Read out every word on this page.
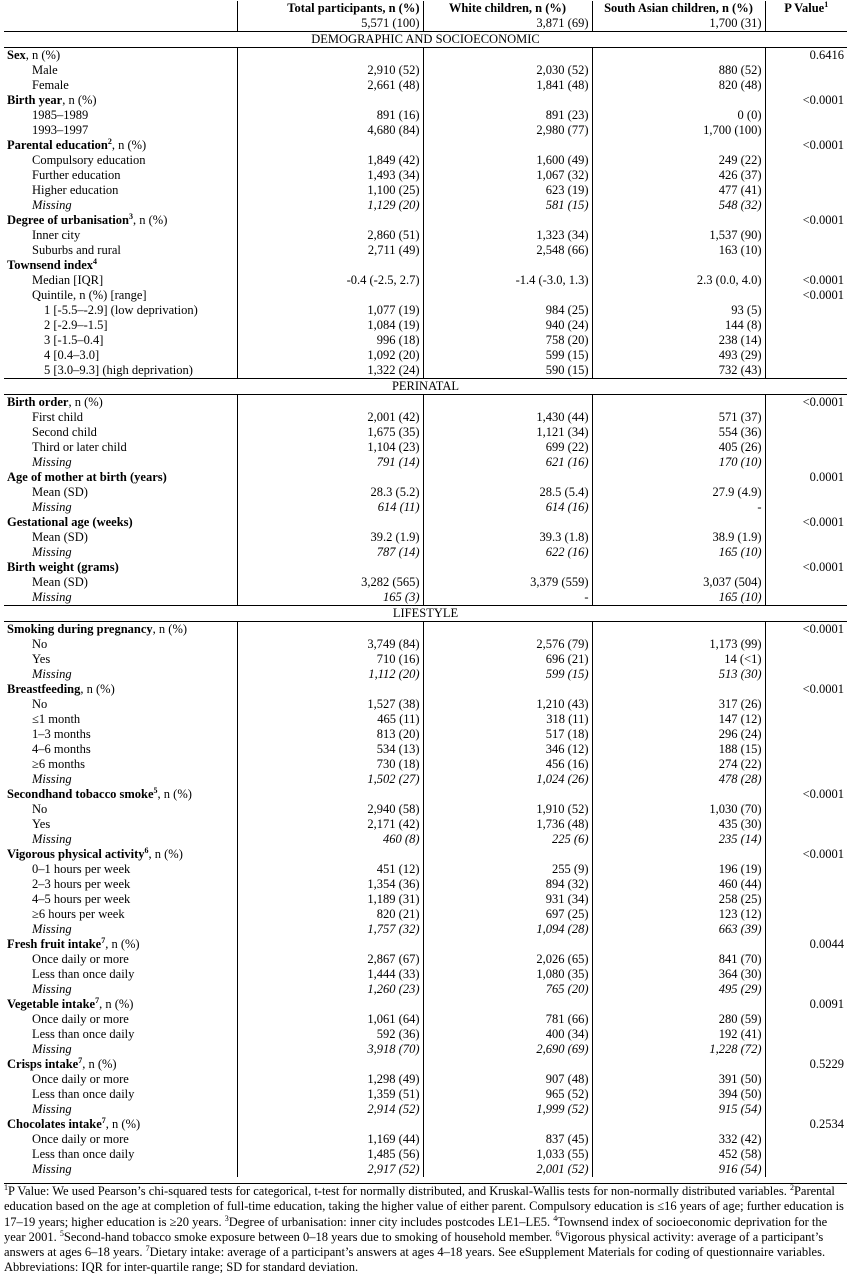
	Total participants, n (%)	White children, n (%)	South Asian children, n (%)	P Value$^1$
	5,571 (100)	3,871 (69)	1,700 (31)	
DEMOGRAPHIC AND SOCIOECONOMIC				
Sex, n (%)				0.6416
Male	2,910 (52)	2,030 (52)	880 (52)	
Female	2,661 (48)	1,841 (48)	820 (48)	
Birth year, n (%)				<0.0001
1985–1989	891 (16)	891 (23)	0 (0)	
1993–1997	4,680 (84)	2,980 (77)	1,700 (100)	
Parental education$^2$, n (%)				<0.0001
Compulsory education	1,849 (42)	1,600 (49)	249 (22)	
Further education	1,493 (34)	1,067 (32)	426 (37)	
Higher education	1,100 (25)	623 (19)	477 (41)	
Missing	1,129 (20)	581 (15)	548 (32)	
Degree of urbanisation$^3$, n (%)				<0.0001
Inner city	2,860 (51)	1,323 (34)	1,537 (90)	
Suburbs and rural	2,711 (49)	2,548 (66)	163 (10)	
Townsend index$^4$				
Median [IQR]	-0.4 (-2.5, 2.7)	-1.4 (-3.0, 1.3)	2.3 (0.0, 4.0)	<0.0001
Quintile, n (%) [range]				<0.0001
1 [-5.5–-2.9] (low deprivation)	1,077 (19)	984 (25)	93 (5)	
2 [-2.9–-1.5]	1,084 (19)	940 (24)	144 (8)	
3 [-1.5–0.4]	996 (18)	758 (20)	238 (14)	
4 [0.4–3.0]	1,092 (20)	599 (15)	493 (29)	
5 [3.0–9.3] (high deprivation)	1,322 (24)	590 (15)	732 (43)	
PERINATAL				
Birth order, n (%)				<0.0001
First child	2,001 (42)	1,430 (44)	571 (37)	
Second child	1,675 (35)	1,121 (34)	554 (36)	
Third or later child	1,104 (23)	699 (22)	405 (26)	
Missing	791 (14)	621 (16)	170 (10)	
Age of mother at birth (years)				0.0001
Mean (SD)	28.3 (5.2)	28.5 (5.4)	27.9 (4.9)	
Missing	614 (11)	614 (16)	-	
Gestational age (weeks)				<0.0001
Mean (SD)	39.2 (1.9)	39.3 (1.8)	38.9 (1.9)	
Missing	787 (14)	622 (16)	165 (10)	
Birth weight (grams)				<0.0001
Mean (SD)	3,282 (565)	3,379 (559)	3,037 (504)	
Missing	165 (3)	-	165 (10)	
LIFESTYLE				
Smoking during pregnancy, n (%)				<0.0001
No	3,749 (84)	2,576 (79)	1,173 (99)	
Yes	710 (16)	696 (21)	14 (<1)	
Missing	1,112 (20)	599 (15)	513 (30)	
Breastfeeding, n (%)				<0.0001
No	1,527 (38)	1,210 (43)	317 (26)	
≤1 month	465 (11)	318 (11)	147 (12)	
1–3 months	813 (20)	517 (18)	296 (24)	
4–6 months	534 (13)	346 (12)	188 (15)	
≥6 months	730 (18)	456 (16)	274 (22)	
Missing	1,502 (27)	1,024 (26)	478 (28)	
Secondhand tobacco smoke$^5$, n (%)				<0.0001
No	2,940 (58)	1,910 (52)	1,030 (70)	
Yes	2,171 (42)	1,736 (48)	435 (30)	
Missing	460 (8)	225 (6)	235 (14)	
Vigorous physical activity$^6$, n (%)				<0.0001
0–1 hours per week	451 (12)	255 (9)	196 (19)	
2–3 hours per week	1,354 (36)	894 (32)	460 (44)	
4–5 hours per week	1,189 (31)	931 (34)	258 (25)	
≥6 hours per week	820 (21)	697 (25)	123 (12)	
Missing	1,757 (32)	1,094 (28)	663 (39)	
Fresh fruit intake$^7$, n (%)				0.0044
Once daily or more	2,867 (67)	2,026 (65)	841 (70)	
Less than once daily	1,444 (33)	1,080 (35)	364 (30)	
Missing	1,260 (23)	765 (20)	495 (29)	
Vegetable intake$^7$, n (%)				0.0091
Once daily or more	1,061 (64)	781 (66)	280 (59)	
Less than once daily	592 (36)	400 (34)	192 (41)	
Missing	3,918 (70)	2,690 (69)	1,228 (72)	
Crisps intake$^7$, n (%)				0.5229
Once daily or more	1,298 (49)	907 (48)	391 (50)	
Less than once daily	1,359 (51)	965 (52)	394 (50)	
Missing	2,914 (52)	1,999 (52)	915 (54)	
Chocolates intake$^7$, n (%)				0.2534
Once daily or more	1,169 (44)	837 (45)	332 (42)	
Less than once daily	1,485 (56)	1,033 (55)	452 (58)	
Missing	2,917 (52)	2,001 (52)	916 (54)	

$^1$P Value: We used Pearson’s chi-squared tests for categorical, t-test for normally distributed, and Kruskal-Wallis tests for non-normally distributed variables. $^2$Parental education based on the age at completion of full-time education, taking the higher value of either parent. Compulsory education is ≤16 years of age; further education is 17–19 years; higher education is ≥20 years. $^3$Degree of urbanisation: inner city includes postcodes LE1–LE5. $^4$Townsend index of socioeconomic deprivation for the year 2001. $^5$Second-hand tobacco smoke exposure between 0–18 years due to smoking of household member. $^6$Vigorous physical activity: average of a participant’s answers at ages 6–18 years. $^7$Dietary intake: average of a participant’s answers at ages 4–18 years. See eSupplement Materials for coding of questionnaire variables. Abbreviations: IQR for inter-quartile range; SD for standard deviation.
